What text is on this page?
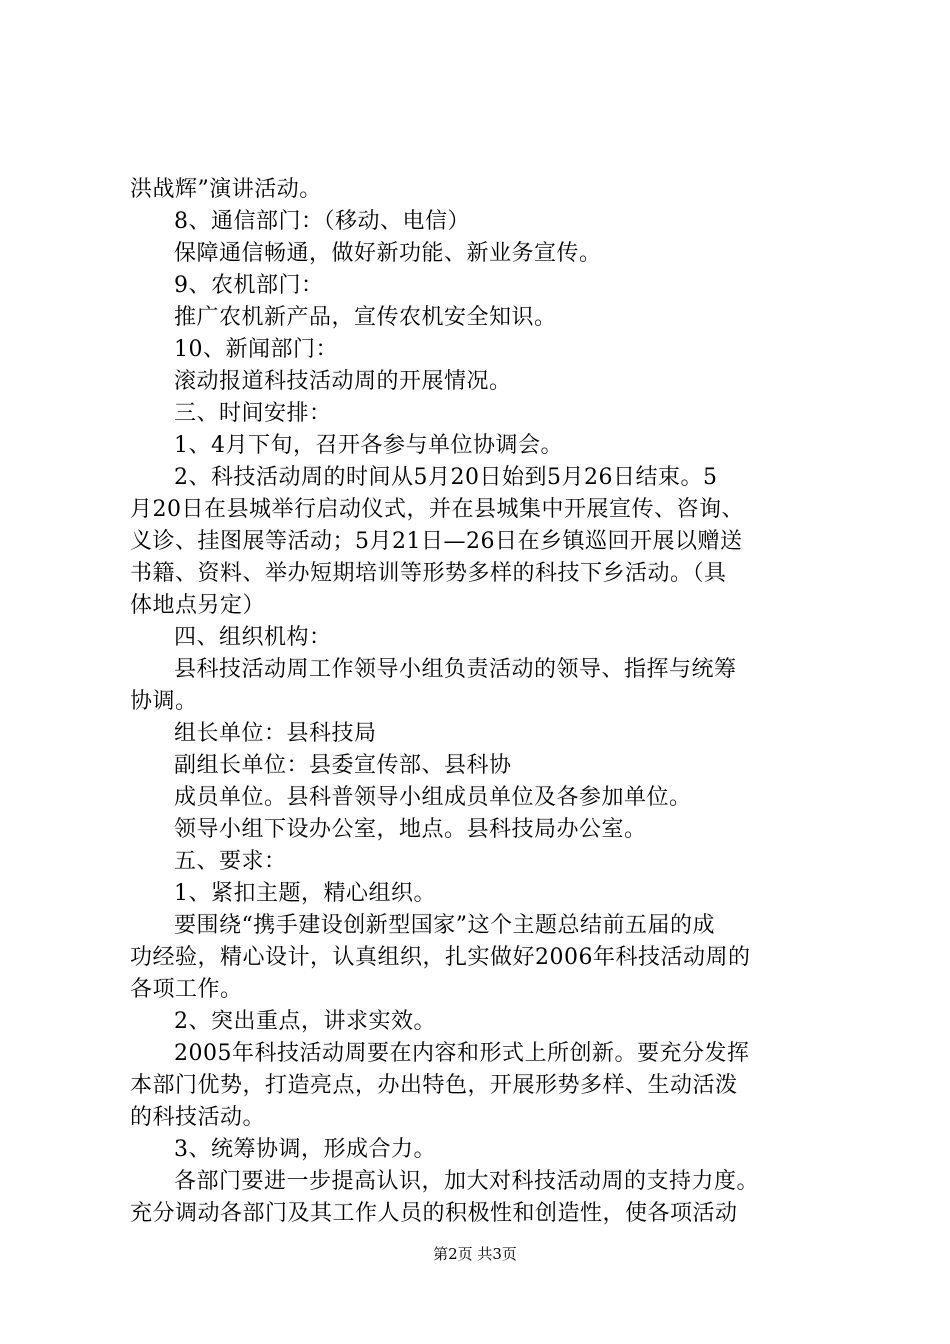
洪战辉”演讲活动。
8、通信部门：（移动、电信）
保障通信畅通，做好新功能、新业务宣传。
9、农机部门：
推广农机新产品，宣传农机安全知识。
10、新闻部门：
滚动报道科技活动周的开展情况。
三、时间安排：
1、4月下旬，召开各参与单位协调会。
2、科技活动周的时间从5月20日始到5月26日结束。5
月20日在县城举行启动仪式，并在县城集中开展宣传、咨询、
义诊、挂图展等活动；5月21日—26日在乡镇巡回开展以赠送
书籍、资料、举办短期培训等形势多样的科技下乡活动。（具
体地点另定）
四、组织机构：
县科技活动周工作领导小组负责活动的领导、指挥与统筹
协调。
组长单位：县科技局
副组长单位：县委宣传部、县科协
成员单位。县科普领导小组成员单位及各参加单位。
领导小组下设办公室，地点。县科技局办公室。
五、要求：
1、紧扣主题，精心组织。
要围绕“携手建设创新型国家”这个主题总结前五届的成
功经验，精心设计，认真组织，扎实做好2006年科技活动周的
各项工作。
2、突出重点，讲求实效。
2005年科技活动周要在内容和形式上所创新。要充分发挥
本部门优势，打造亮点，办出特色，开展形势多样、生动活泼
的科技活动。
3、统筹协调，形成合力。
各部门要进一步提高认识，加大对科技活动周的支持力度。
充分调动各部门及其工作人员的积极性和创造性，使各项活动
第2页 共3页
